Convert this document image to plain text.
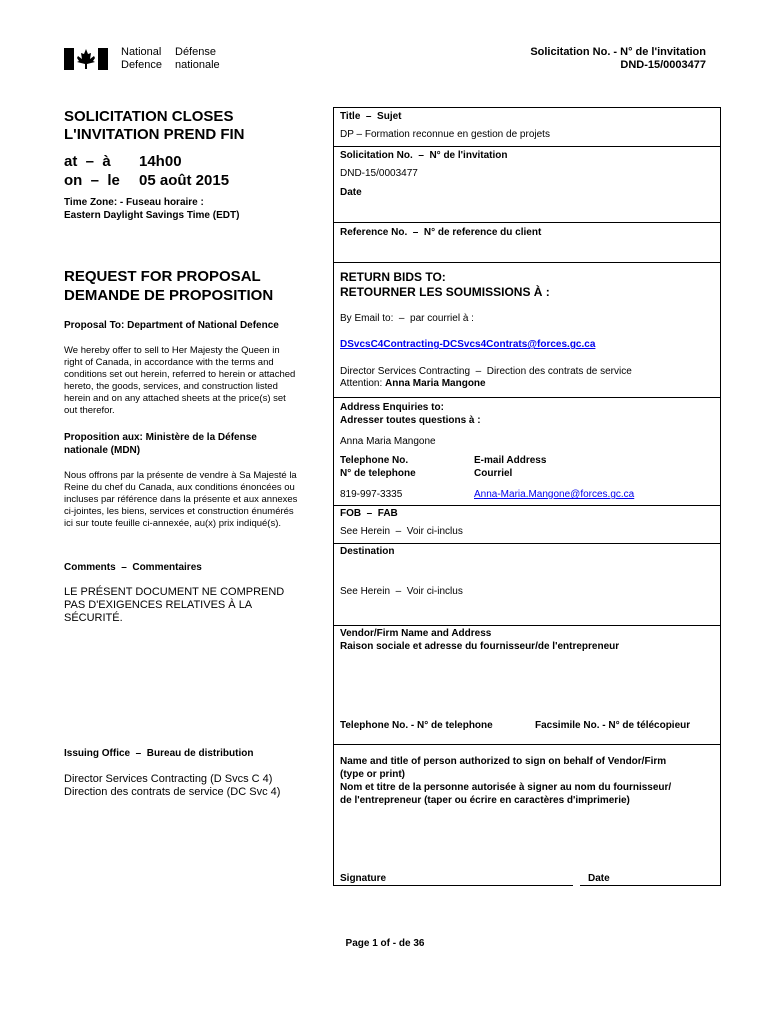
National Défense
Defence nationale
Solicitation No. - N° de l'invitation
DND-15/0003477
SOLICITATION CLOSES
L'INVITATION PREND FIN
at  –  à 14h00
on  –  le 05 août 2015
Time Zone: - Fuseau horaire :
Eastern Daylight Savings Time (EDT)
REQUEST FOR PROPOSAL
DEMANDE DE PROPOSITION
Proposal To: Department of National Defence
We hereby offer to sell to Her Majesty the Queen in
right of Canada, in accordance with the terms and
conditions set out herein, referred to herein or attached
hereto, the goods, services, and construction listed
herein and on any attached sheets at the price(s) set
out therefor.
Proposition aux: Ministère de la Défense
nationale (MDN)
Nous offrons par la présente de vendre à Sa Majesté la
Reine du chef du Canada, aux conditions énoncées ou
incluses par référence dans la présente et aux annexes
ci-jointes, les biens, services et construction énumérés
ici sur toute feuille ci-annexée, au(x) prix indiqué(s).
Comments  –  Commentaires
LE PRÉSENT DOCUMENT NE COMPREND
PAS D'EXIGENCES RELATIVES À LA
SÉCURITÉ.
Issuing Office  –  Bureau de distribution
Director Services Contracting (D Svcs C 4)
Direction des contrats de service (DC Svc 4)
Title  –  Sujet
DP – Formation reconnue en gestion de projets
Solicitation No.  –  N° de l'invitation
DND-15/0003477
Date
Reference No.  –  N° de reference du client
RETURN BIDS TO:
RETOURNER LES SOUMISSIONS À :
By Email to:  –  par courriel à :
DSvcsC4Contracting-DCSvcs4Contrats@forces.gc.ca
Director Services Contracting  –  Direction des contrats de service
Attention: Anna Maria Mangone
Address Enquiries to:
Adresser toutes questions à :
Anna Maria Mangone
Telephone No.
N° de telephone
E-mail Address
Courriel
819-997-3335	Anna-Maria.Mangone@forces.gc.ca
FOB  –  FAB
See Herein  –  Voir ci-inclus
Destination
See Herein  –  Voir ci-inclus
Vendor/Firm Name and Address
Raison sociale et adresse du fournisseur/de l'entrepreneur
Telephone No. - N° de telephone	Facsimile No. - N° de télécopieur
Name and title of person authorized to sign on behalf of Vendor/Firm
(type or print)
Nom et titre de la personne autorisée à signer au nom du fournisseur/
de l'entrepreneur (taper ou écrire en caractères d'imprimerie)
Signature	Date
Page 1 of - de 36
